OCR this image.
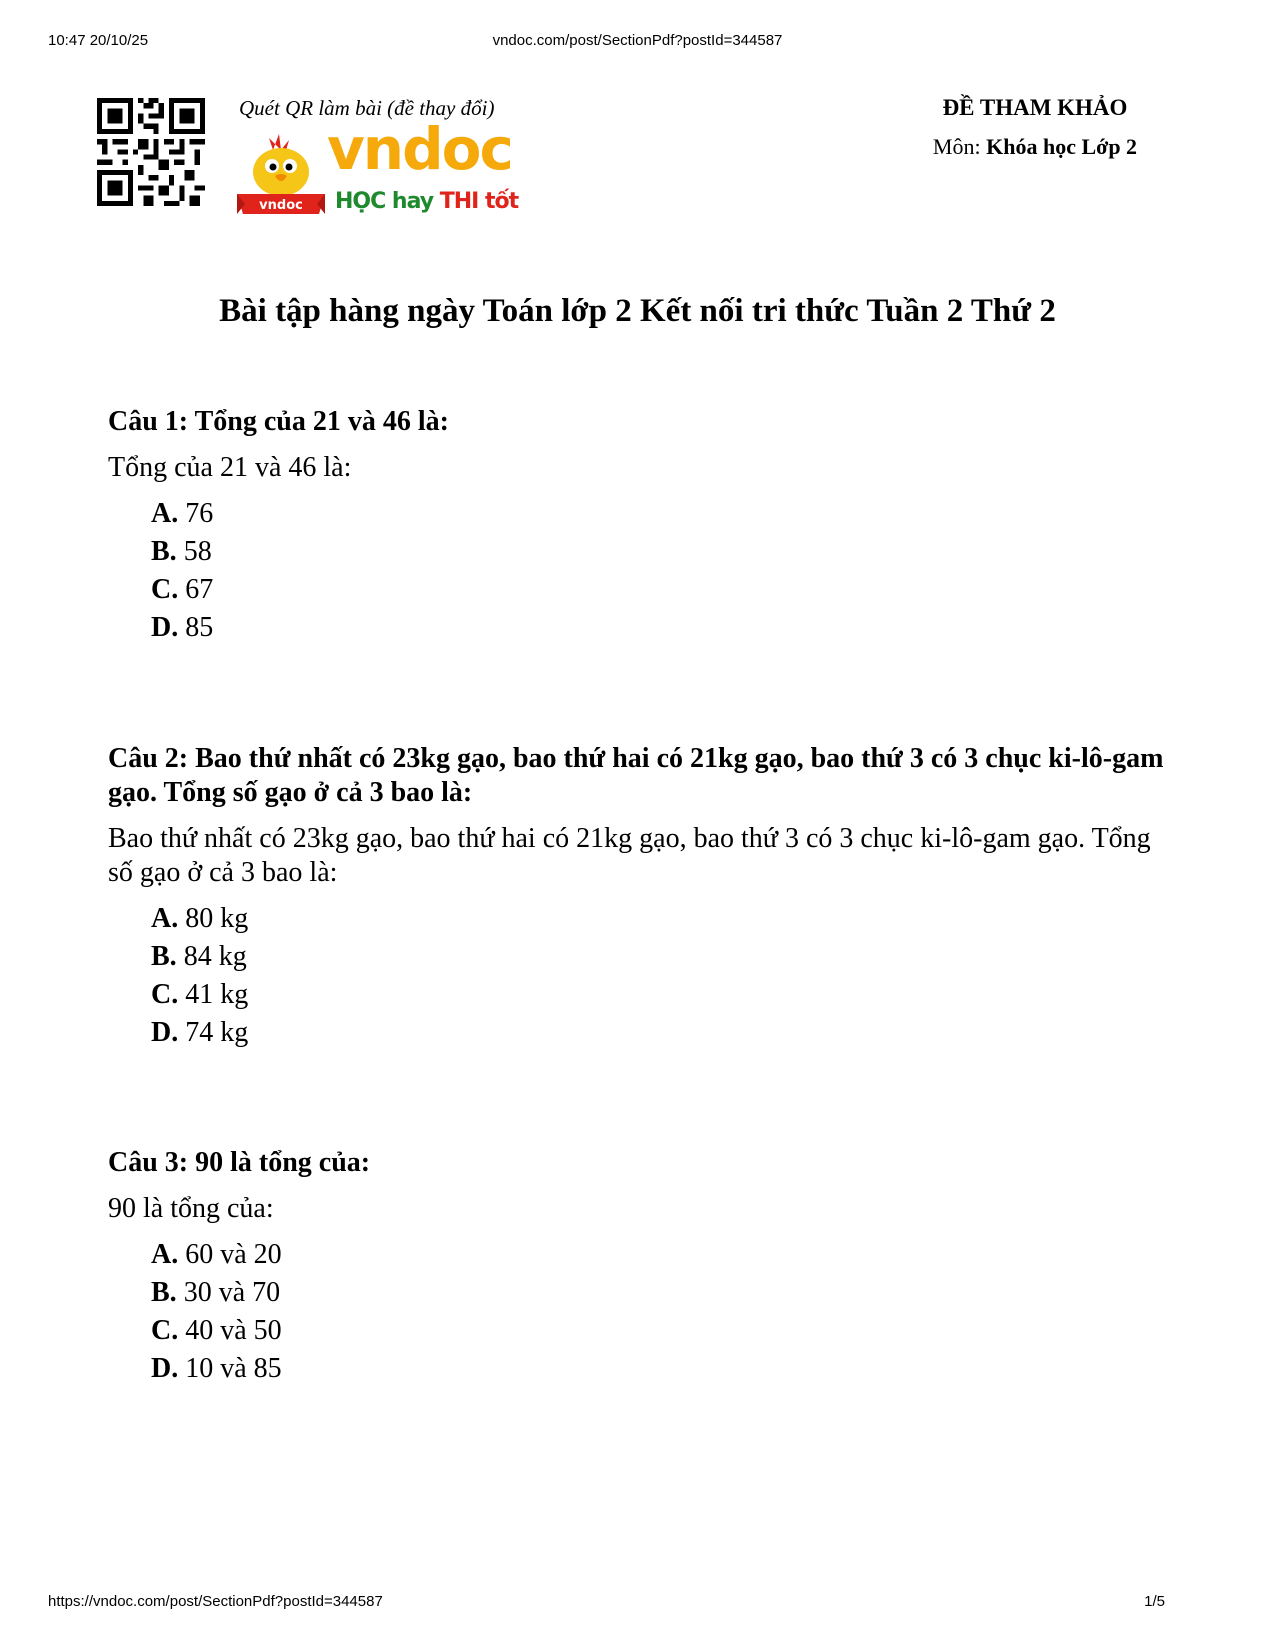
10:47 20/10/25	vndoc.com/post/SectionPdf?postId=344587
Quét QR làm bài (đề thay đổi)
vndoc
vndoc
HỌC hay THI tốt
ĐỀ THAM KHẢO
Môn: Khóa học Lớp 2
Bài tập hàng ngày Toán lớp 2 Kết nối tri thức Tuần 2 Thứ 2

Câu 1: Tổng của 21 và 46 là:

Tổng của 21 và 46 là:

A. 76
B. 58
C. 67
D. 85

Câu 2: Bao thứ nhất có 23kg gạo, bao thứ hai có 21kg gạo, bao thứ 3 có 3 chục ki-lô-gam gạo. Tổng số gạo ở cả 3 bao là:

Bao thứ nhất có 23kg gạo, bao thứ hai có 21kg gạo, bao thứ 3 có 3 chục ki-lô-gam gạo. Tổng số gạo ở cả 3 bao là:

A. 80 kg
B. 84 kg
C. 41 kg
D. 74 kg

Câu 3: 90 là tổng của:

90 là tổng của:

A. 60 và 20
B. 30 và 70
C. 40 và 50
D. 10 và 85
https://vndoc.com/post/SectionPdf?postId=344587	1/5
